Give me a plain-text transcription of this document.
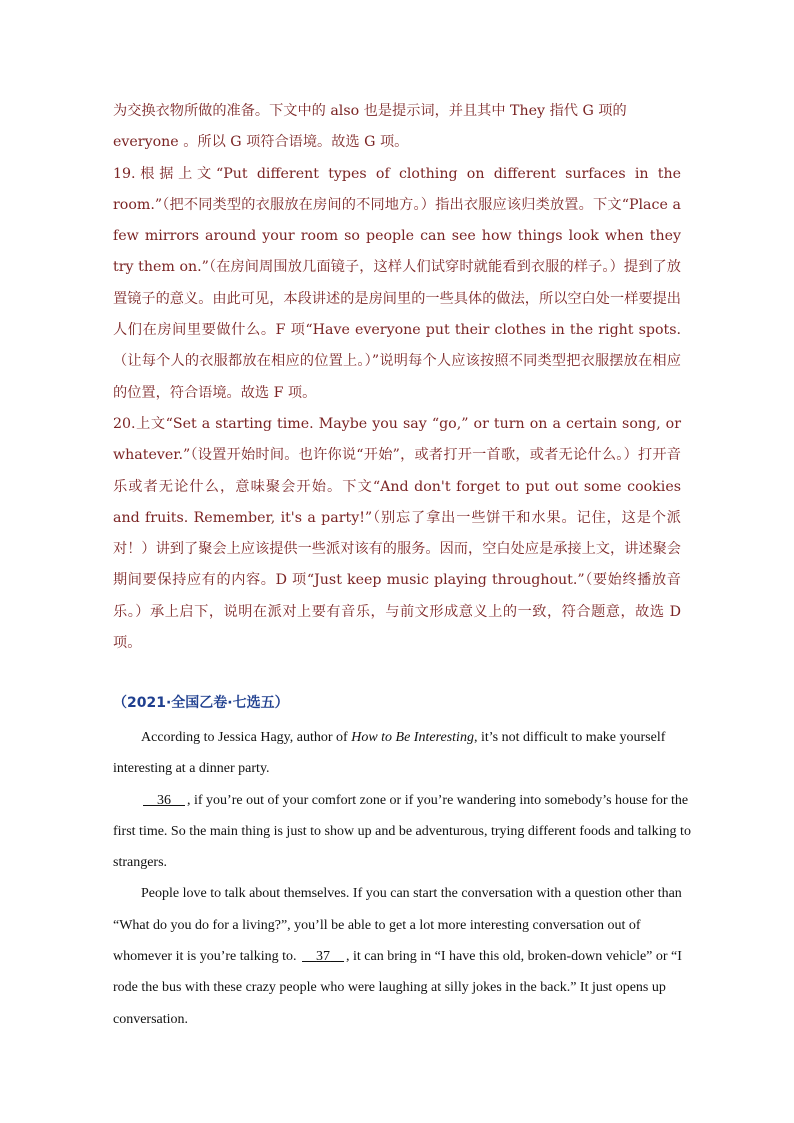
为交换衣物所做的准备。下文中的 also 也是提示词，并且其中 They 指代 G 项的

everyone 。所以 G 项符合语境。故选 G 项。

19.根据上文“Put different types of clothing on different surfaces in the room.”（把不同类型的衣服放在房间的不同地方。）指出衣服应该归类放置。下文“Place a few mirrors around your room so people can see how things look when they try them on.”（在房间周围放几面镜子，这样人们试穿时就能看到衣服的样子。）提到了放置镜子的意义。由此可见，本段讲述的是房间里的一些具体的做法，所以空白处一样要提出人们在房间里要做什么。F 项“Have everyone put their clothes in the right spots.（让每个人的衣服都放在相应的位置上。）”说明每个人应该按照不同类型把衣服摆放在相应的位置，符合语境。故选 F 项。

20.上文“Set a starting time. Maybe you say “go,” or turn on a certain song, or whatever.”（设置开始时间。也许你说“开始”，或者打开一首歌，或者无论什么。）打开音乐或者无论什么，意味聚会开始。下文“And don't forget to put out some cookies and fruits. Remember, it's a party!”（别忘了拿出一些饼干和水果。记住，这是个派对！）讲到了聚会上应该提供一些派对该有的服务。因而，空白处应是承接上文，讲述聚会期间要保持应有的内容。D 项“Just keep music playing throughout.”（要始终播放音乐。）承上启下，说明在派对上要有音乐，与前文形成意义上的一致，符合题意，故选 D 项。

（2021·全国乙卷·七选五）

According to Jessica Hagy, author of How to Be Interesting, it’s not difficult to make yourself interesting at a dinner party.

36 , if you’re out of your comfort zone or if you’re wandering into somebody’s house for the first time. So the main thing is just to show up and be adventurous, trying different foods and talking to strangers.

People love to talk about themselves. If you can start the conversation with a question other than “What do you do for a living?”, you’ll be able to get a lot more interesting conversation out of whomever it is you’re talking to.     37 , it can bring in “I have this old, broken-down vehicle” or “I rode the bus with these crazy people who were laughing at silly jokes in the back.” It just opens up conversation.
